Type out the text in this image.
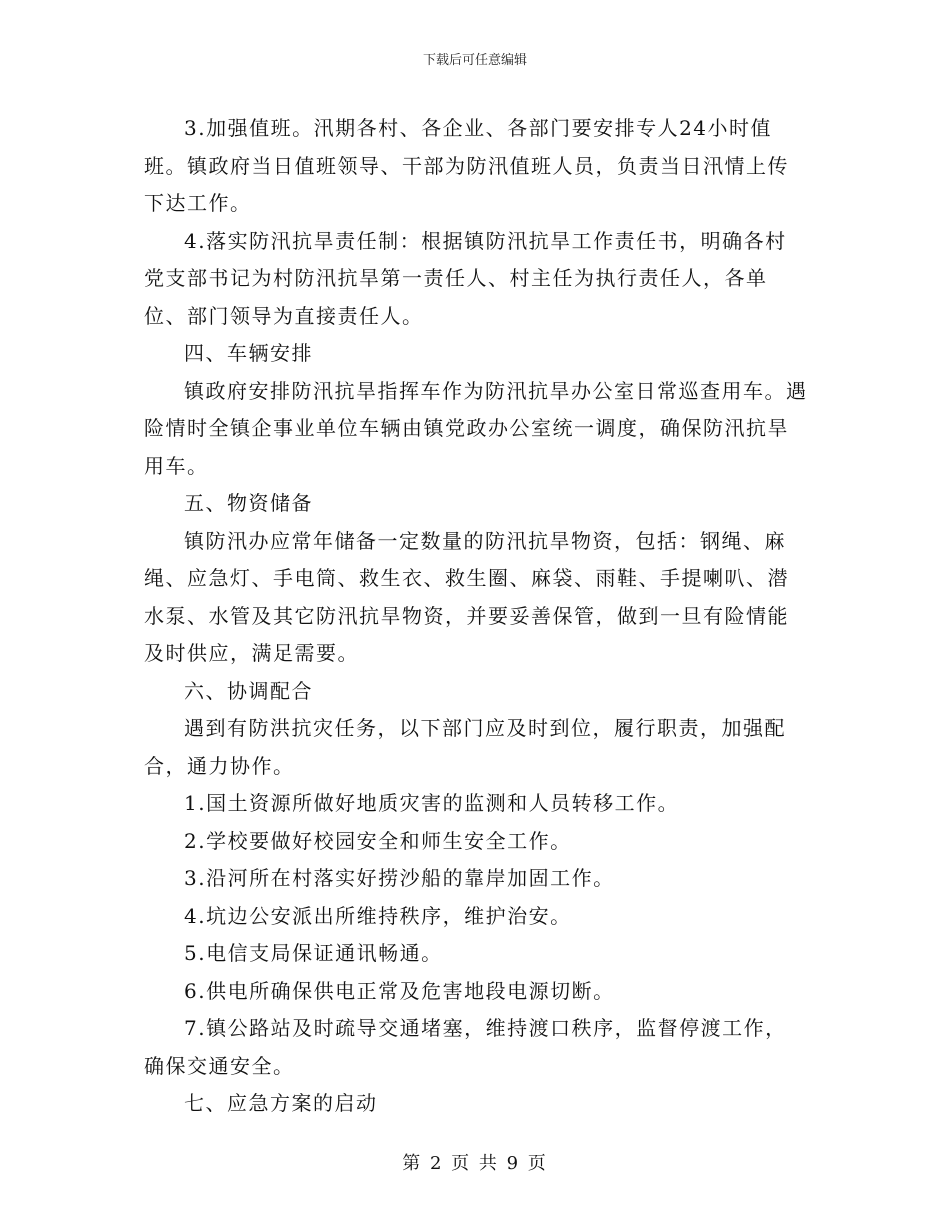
下载后可任意编辑

3.加强值班。汛期各村、各企业、各部门要安排专人24小时值班。镇政府当日值班领导、干部为防汛值班人员，负责当日汛情上传下达工作。

4.落实防汛抗旱责任制：根据镇防汛抗旱工作责任书，明确各村党支部书记为村防汛抗旱第一责任人、村主任为执行责任人，各单位、部门领导为直接责任人。

四、车辆安排

镇政府安排防汛抗旱指挥车作为防汛抗旱办公室日常巡查用车。遇险情时全镇企事业单位车辆由镇党政办公室统一调度，确保防汛抗旱用车。

五、物资储备

镇防汛办应常年储备一定数量的防汛抗旱物资，包括：钢绳、麻绳、应急灯、手电筒、救生衣、救生圈、麻袋、雨鞋、手提喇叭、潜水泵、水管及其它防汛抗旱物资，并要妥善保管，做到一旦有险情能及时供应，满足需要。

六、协调配合

遇到有防洪抗灾任务，以下部门应及时到位，履行职责，加强配合，通力协作。

1.国土资源所做好地质灾害的监测和人员转移工作。

2.学校要做好校园安全和师生安全工作。

3.沿河所在村落实好捞沙船的靠岸加固工作。

4.坑边公安派出所维持秩序，维护治安。

5.电信支局保证通讯畅通。

6.供电所确保供电正常及危害地段电源切断。

7.镇公路站及时疏导交通堵塞，维持渡口秩序，监督停渡工作，确保交通安全。

七、应急方案的启动

第 2 页 共 9 页
